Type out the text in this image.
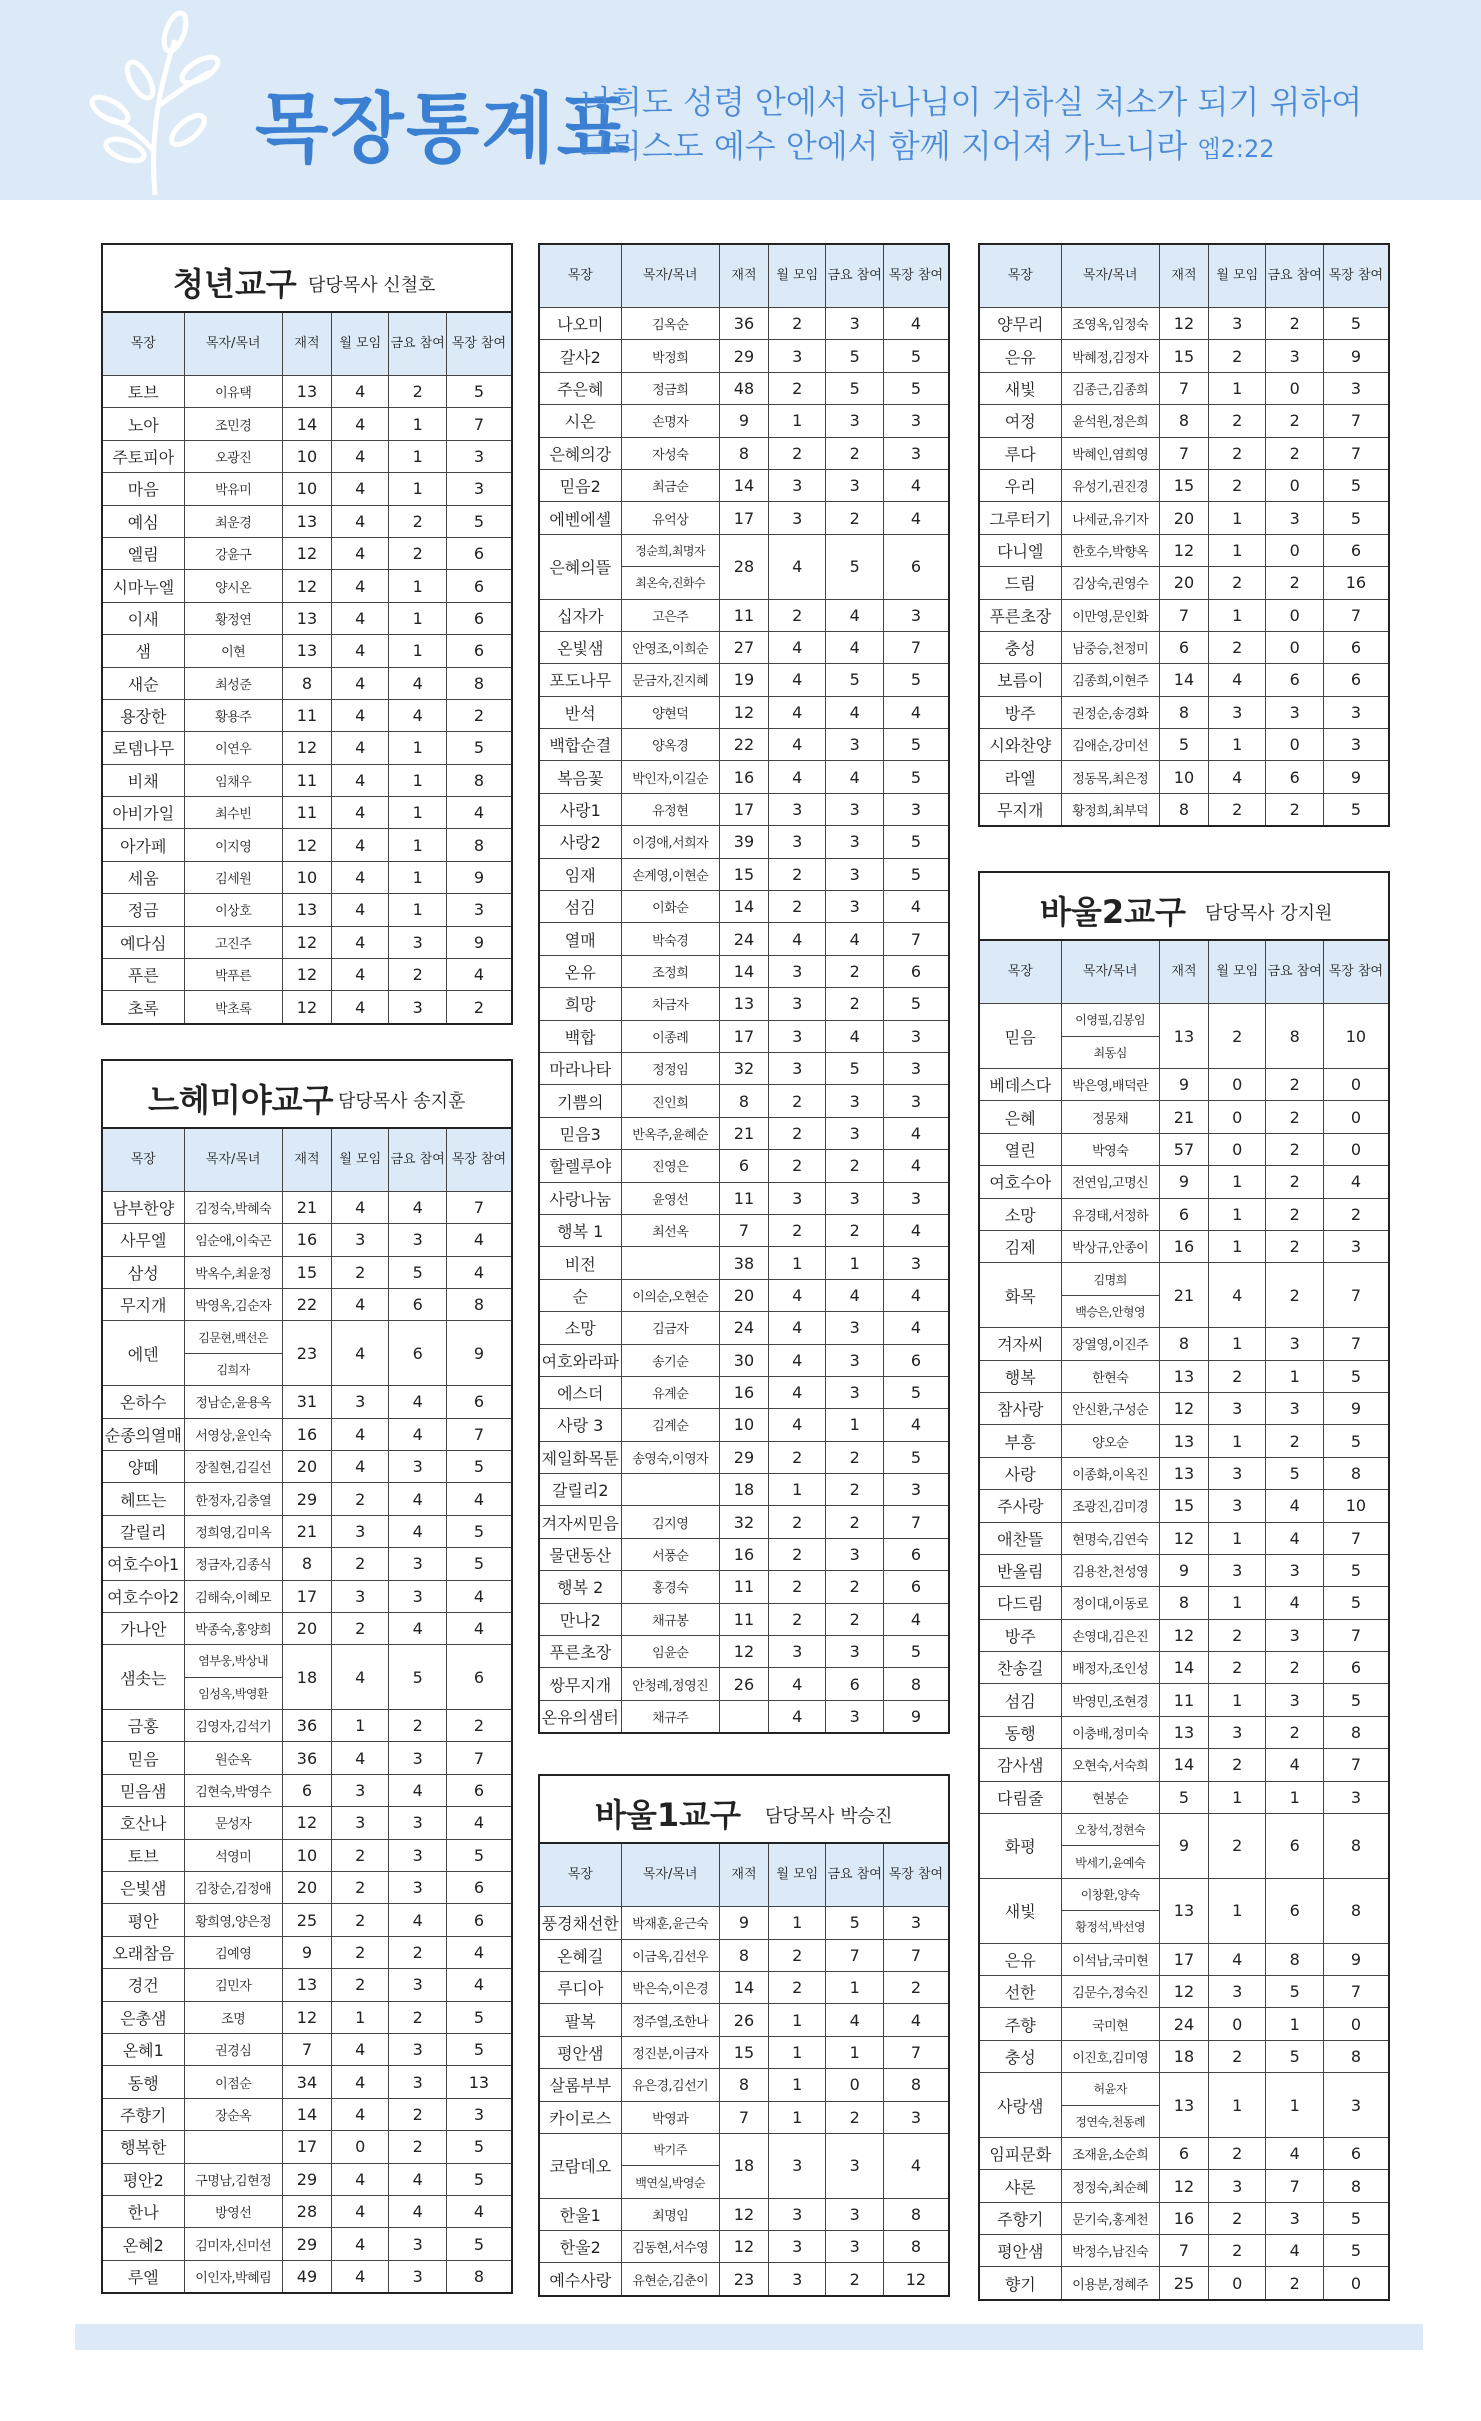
목장통계표
너희도 성령 안에서 하나님이 거하실 처소가 되기 위하여
그리스도 예수 안에서 함께 지어져 가느니라 엡2:22
청년교구 담당목사 신철호
목장	목자/목녀	재적	월 모임	금요 참여	목장 참여
토브	이유택	13	4	2	5
노아	조민경	14	4	1	7
주토피아	오광진	10	4	1	3
마음	박유미	10	4	1	3
예심	최운경	13	4	2	5
엘림	강윤구	12	4	2	6
시마누엘	양시온	12	4	1	6
이새	황정연	13	4	1	6
샘	이현	13	4	1	6
새순	최성준	8	4	4	8
용장한	황용주	11	4	4	2
로뎀나무	이연우	12	4	1	5
비채	임채우	11	4	1	8
아비가일	최수빈	11	4	1	4
아가페	이지영	12	4	1	8
세움	김세원	10	4	1	9
정금	이상호	13	4	1	3
예다심	고진주	12	4	3	9
푸른	박푸른	12	4	2	4
초록	박초록	12	4	3	2
느헤미야교구 담당목사 송지훈
목장	목자/목녀	재적	월 모임	금요 참여	목장 참여
남부한양	김정숙,박혜숙	21	4	4	7
사무엘	임순애,이숙곤	16	3	3	4
삼성	박옥수,최윤정	15	2	5	4
무지개	박영옥,김순자	22	4	6	8
에덴	김문현,백선은	23	4	6	9
	김희자				
온하수	정남순,윤용옥	31	3	4	6
순종의열매	서영상,윤인숙	16	4	4	7
양떼	장칠현,김길선	20	4	3	5
헤뜨는	한정자,김충열	29	2	4	4
갈릴리	정희영,김미옥	21	3	4	5
여호수아1	정금자,김종식	8	2	3	5
여호수아2	김해숙,이혜모	17	3	3	4
가나안	박종숙,홍양희	20	2	4	4
샘솟는	염부웅,박상내	18	4	5	6
	임성옥,박영환				
금홍	김영자,김석기	36	1	2	2
믿음	원순옥	36	4	3	7
믿음샘	김현숙,박영수	6	3	4	6
호산나	문성자	12	3	3	4
토브	석영미	10	2	3	5
은빛샘	김창순,김정애	20	2	3	6
평안	황희영,양은정	25	2	4	6
오래참음	김예영	9	2	2	4
경건	김민자	13	2	3	4
은총샘	조명	12	1	2	5
온혜1	권경심	7	4	3	5
동행	이점순	34	4	3	13
주향기	장순옥	14	4	2	3
행복한		17	0	2	5
평안2	구명남,김현정	29	4	4	5
한나	방영선	28	4	4	4
온혜2	김미자,신미선	29	4	3	5
루엘	이인자,박혜림	49	4	3	8
목장	목자/목녀	재적	월 모임	금요 참여	목장 참여
나오미	김옥순	36	2	3	4
갈사2	박정희	29	3	5	5
주은혜	정금희	48	2	5	5
시온	손명자	9	1	3	3
은혜의강	자성숙	8	2	2	3
믿음2	최금순	14	3	3	4
에벤에셀	유억상	17	3	2	4
은혜의뜰	정순희,최명자	28	4	5	6
	최온숙,진화수				
십자가	고은주	11	2	4	3
온빛샘	안영조,이희순	27	4	4	7
포도나무	문금자,진지혜	19	4	5	5
반석	양현덕	12	4	4	4
백합순결	양옥경	22	4	3	5
복음꽃	박인자,이길순	16	4	4	5
사랑1	유정현	17	3	3	3
사랑2	이경애,서희자	39	3	3	5
임재	손계영,이현순	15	2	3	5
섬김	이화순	14	2	3	4
열매	박숙경	24	4	4	7
온유	조정희	14	3	2	6
희망	차금자	13	3	2	5
백합	이종례	17	3	4	3
마라나타	정정임	32	3	5	3
기쁨의	진인희	8	2	3	3
믿음3	반옥주,윤혜순	21	2	3	4
할렐루야	진영은	6	2	2	4
사랑나눔	윤영선	11	3	3	3
행복 1	최선옥	7	2	2	4
비전		38	1	1	3
순	이의순,오현순	20	4	4	4
소망	김금자	24	4	3	4
여호와라파	송기순	30	4	3	6
에스더	유계순	16	4	3	5
사랑 3	김계순	10	4	1	4
제일화목툰	송영숙,이영자	29	2	2	5
갈릴리2		18	1	2	3
겨자씨믿음	김지영	32	2	2	7
물댄동산	서풍순	16	2	3	6
행복 2	홍경숙	11	2	2	6
만나2	채규봉	11	2	2	4
푸른초장	임윤순	12	3	3	5
쌍무지개	안청례,정영진	26	4	6	8
온유의샘터	채규주		4	3	9
바울1교구 담당목사 박승진
목장	목자/목녀	재적	월 모임	금요 참여	목장 참여
풍경채선한	박재훈,윤근숙	9	1	5	3
온혜길	이금옥,김선우	8	2	7	7
루디아	박은숙,이은경	14	2	1	2
팔복	정주열,조한나	26	1	4	4
평안샘	정진분,이금자	15	1	1	7
살롬부부	유은경,김선기	8	1	0	8
카이로스	박영과	7	1	2	3
코람데오	박기주	18	3	3	4
	백연실,박영순				
한울1	최명임	12	3	3	8
한울2	김동현,서수영	12	3	3	8
예수사랑	유현순,김춘이	23	3	2	12
목장	목자/목녀	재적	월 모임	금요 참여	목장 참여
양무리	조영옥,임정숙	12	3	2	5
은유	박혜정,김정자	15	2	3	9
새빛	김종근,김종희	7	1	0	3
여정	윤석원,정은희	8	2	2	7
루다	박혜인,염희영	7	2	2	7
우리	유성기,권진경	15	2	0	5
그루터기	나세균,유기자	20	1	3	5
다니엘	한호수,박향옥	12	1	0	6
드림	김상숙,권영수	20	2	2	16
푸른초장	이만영,문인화	7	1	0	7
충성	남중승,천정미	6	2	0	6
보름이	김종희,이현주	14	4	6	6
방주	권정순,송경화	8	3	3	3
시와찬양	김애순,강미선	5	1	0	3
라엘	정동목,최은정	10	4	6	9
무지개	황정희,최부덕	8	2	2	5
바울2교구 담당목사 강지원
목장	목자/목녀	재적	월 모임	금요 참여	목장 참여
믿음	이영필,김봉임	13	2	8	10
	최동심				
베데스다	박은영,배덕란	9	0	2	0
은혜	정몽채	21	0	2	0
열린	박영숙	57	0	2	0
여호수아	전연임,고명신	9	1	2	4
소망	유경태,서정하	6	1	2	2
김제	박상규,안종이	16	1	2	3
화목	김명희	21	4	2	7
	백승은,안형영				
겨자씨	장열영,이진주	8	1	3	7
행복	한현숙	13	2	1	5
참사랑	안신환,구성순	12	3	3	9
부흥	양오순	13	1	2	5
사랑	이종화,이옥진	13	3	5	8
주사랑	조광진,김미경	15	3	4	10
애찬뜰	현명숙,김연숙	12	1	4	7
반올림	김용찬,천성영	9	3	3	5
다드림	정이대,이동로	8	1	4	5
방주	손영대,김은진	12	2	3	7
찬송길	배정자,조인성	14	2	2	6
섬김	박영민,조현경	11	1	3	5
동행	이충배,정미숙	13	3	2	8
감사샘	오현숙,서숙희	14	2	4	7
다림줄	현봉순	5	1	1	3
화평	오창석,정현숙	9	2	6	8
	박세기,윤예숙				
새빛	이창환,양숙	13	1	6	8
	황정석,박선영				
은유	이석남,국미현	17	4	8	9
선한	김문수,정숙진	12	3	5	7
주향	국미현	24	0	1	0
충성	이진호,김미영	18	2	5	8
사랑샘	허윤자	13	1	1	3
	정연숙,천동례				
임피문화	조재윤,소순희	6	2	4	6
샤론	정정숙,최순혜	12	3	7	8
주향기	문기숙,홍계천	16	2	3	5
평안샘	박정수,남진숙	7	2	4	5
향기	이용분,정혜주	25	0	2	0
